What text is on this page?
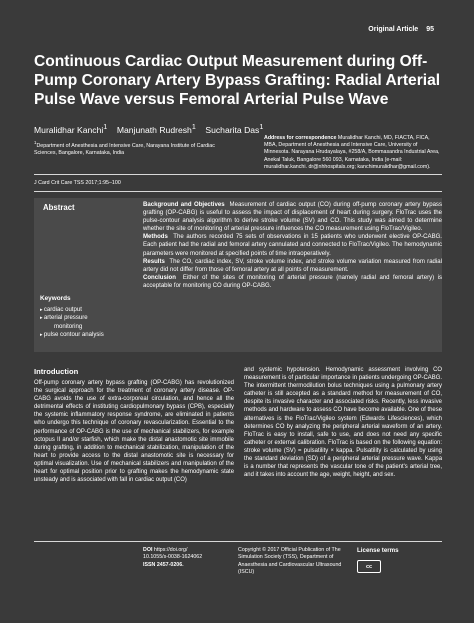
Original Article 95
Continuous Cardiac Output Measurement during Off-Pump Coronary Artery Bypass Grafting: Radial Arterial Pulse Wave versus Femoral Arterial Pulse Wave
Muralidhar Kanchi$^1$ Manjunath Rudresh$^1$ Sucharita Das$^1$
$^1$Department of Anesthesia and Intensive Care, Narayana Institute of Cardiac Sciences, Bangalore, Karnataka, India
Address for correspondence Muralidhar Kanchi, MD, FIACTA, FICA, MBA, Department of Anesthesia and Intensive Care, University of Minnesota. Narayana Hrudayalaya, #258/A, Bommasandra Industrial Area, Anekal Taluk, Bangalore 560 093, Karnataka, India (e-mail: muralidhar.kanchi. dr@nhhospitals.org; kanchimuralidhar@gmail.com).
J Card Crit Care TSS 2017;1:95–100
Abstract	Background and Objectives Measurement of cardiac output (CO) during off-pump coronary artery bypass grafting (OP-CABG) is useful to assess the impact of displacement of heart during surgery. FloTrac uses the pulse-contour analysis algorithm to derive stroke volume (SV) and CO. This study was aimed to determine whether the site of monitoring of arterial pressure influences the CO measurement using FloTrac/Vigileo.

Methods The authors recorded 75 sets of observations in 15 patients who underwent elective OP-CABG. Each patient had the radial and femoral artery cannulated and connected to FloTrac/Vigileo. The hemodynamic parameters were monitored at specified points of time intraoperatively.

Results The CO, cardiac index, SV, stroke volume index, and stroke volume variation measured from radial artery did not differ from those of femoral artery at all points of measurement.

Conclusion Either of the sites of monitoring of arterial pressure (namely radial and femoral artery) is acceptable for monitoring CO during OP-CABG.

Keywords
▸ cardiac output
▸ arterial pressure
monitoring
▸ pulse contour analysis
Introduction
Off-pump coronary artery bypass grafting (OP-CABG) has revolutionized the surgical approach for the treatment of coronary artery disease. OP-CABG avoids the use of extra-corporeal circulation, and hence all the detrimental effects of instituting cardiopulmonary bypass (CPB), especially the systemic inflammatory response syndrome, are eliminated in patients who undergo this technique of coronary revascularization. Essential to the performance of OP-CABG is the use of mechanical stabilizers, for example octopus II and/or starfish, which make the distal anastomotic site immobile during grafting, in addition to mechanical stabilization, manipulation of the heart to provide access to the distal anastomotic site is necessary for optimal visualization. Use of mechanical stabilizers and manipulation of the heart for optimal position prior to grafting makes the hemodynamic state unsteady and is associated with fall in cardiac output (CO)
and systemic hypotension. Hemodynamic assessment involving CO measurement is of particular importance in patients undergoing OP-CABG. The intermittent thermodilution bolus techniques using a pulmonary artery catheter is still accepted as a standard method for measurement of CO, despite its invasive character and associated risks. Recently, less invasive methods and hardware to assess CO have become available. One of these alternatives is the FloTrac/Vigileo system (Edwards Lifesciences), which determines CO by analyzing the peripheral arterial waveform of an artery. FloTrac is easy to install, safe to use, and does not need any specific catheter or external calibration. FloTrac is based on the following equation: stroke volume (SV) = pulsatility × kappa. Pulsatility is calculated by using the standard deviation (SD) of a peripheral arterial pressure wave. Kappa is a number that represents the vascular tone of the patient's arterial tree, and it takes into account the age, weight, height, and sex.
DOI https://doi.org/
10.1055/s-0038-1624062
ISSN 2457-0206.
Copyright © 2017 Official Publication of The Simulation Society (TSS), Department of Anaesthesia and Cardiovascular Ultrasound (ISCU)
License terms
cc
